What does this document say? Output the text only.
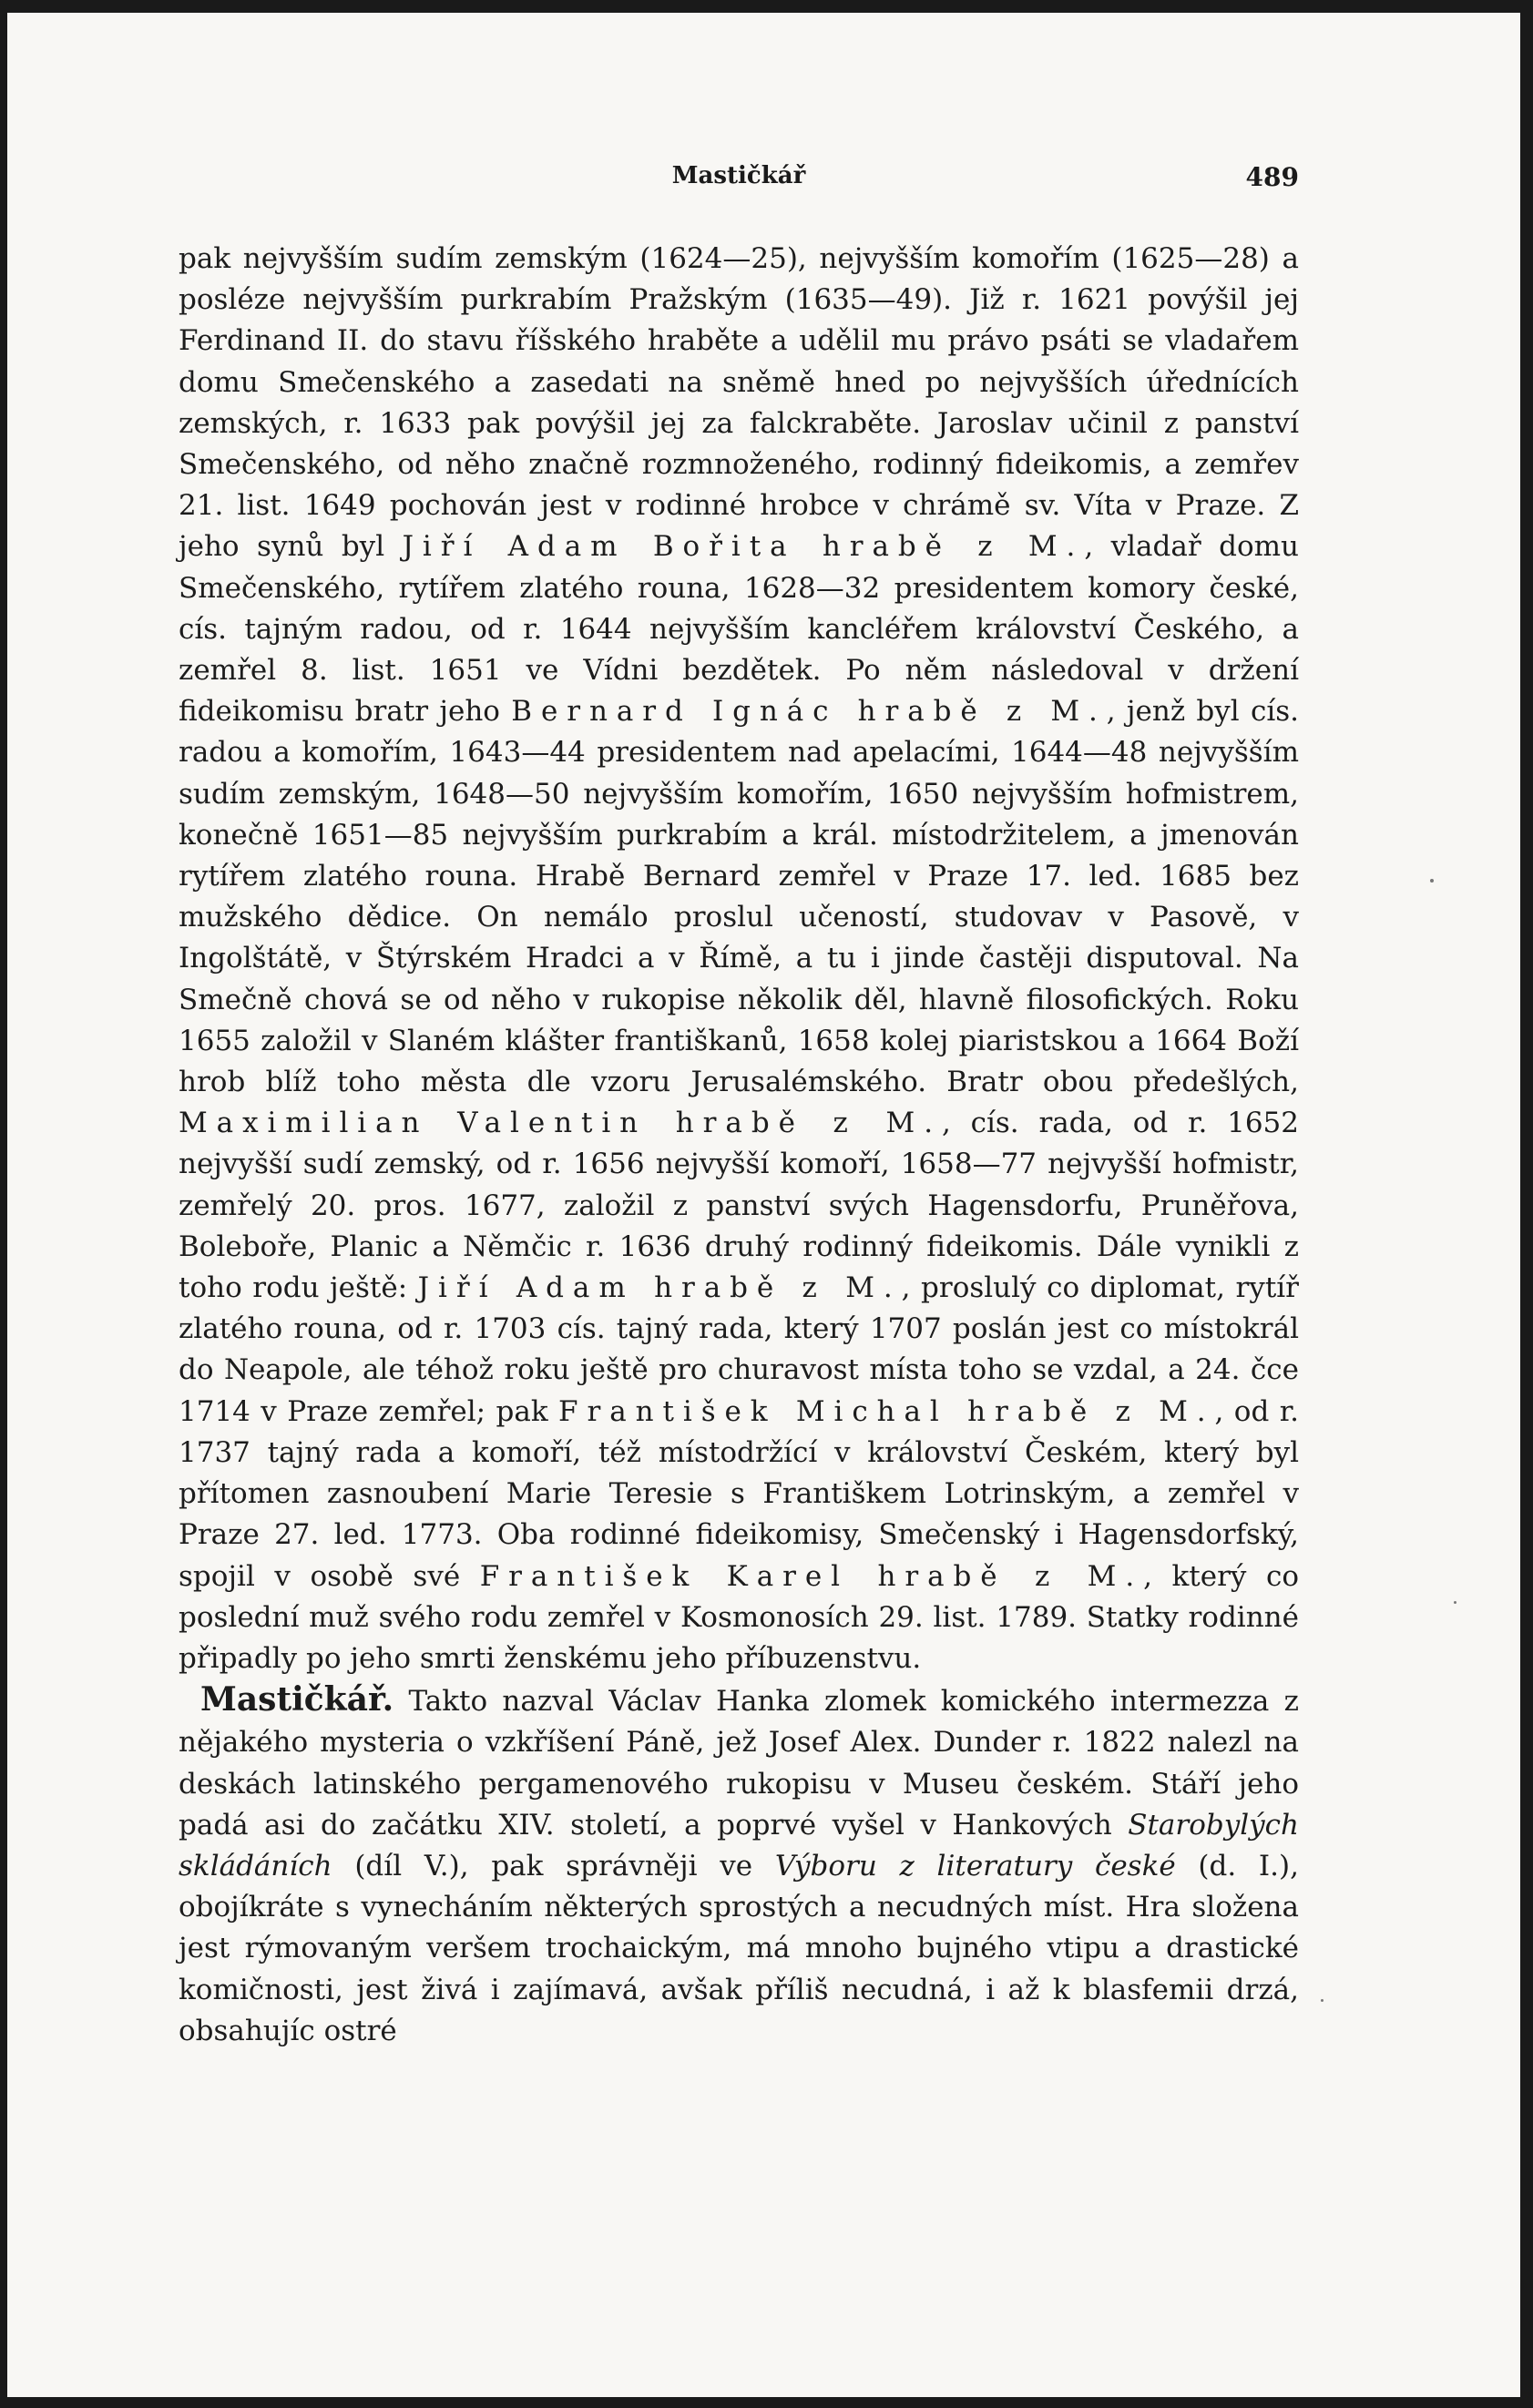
Mastičkář	489

pak nejvyšším sudím zemským (1624—25), nejvyšším komořím (1625—28) a posléze nejvyšším purkrabím Pražským (1635—49). Již r. 1621 povýšil jej Ferdinand II. do stavu říšského hraběte a udělil mu právo psáti se vladařem domu Smečenského a zasedati na sněmě hned po nejvyšších úřednících zemských, r. 1633 pak povýšil jej za falckraběte. Jaroslav učinil z panství Smečenského, od něho značně rozmnoženého, rodinný fideikomis, a zemřev 21. list. 1649 pochován jest v rodinné hrobce v chrámě sv. Víta v Praze. Z jeho synů byl Jiří Adam Bořita hrabě z M., vladař domu Smečenského, rytířem zlatého rouna, 1628—32 presidentem komory české, cís. tajným radou, od r. 1644 nejvyšším kancléřem království Českého, a zemřel 8. list. 1651 ve Vídni bezdětek. Po něm následoval v držení fideikomisu bratr jeho Bernard Ignác hrabě z M., jenž byl cís. radou a komořím, 1643—44 presidentem nad apelacími, 1644—48 nejvyšším sudím zemským, 1648—50 nejvyšším komořím, 1650 nejvyšším hofmistrem, konečně 1651—85 nejvyšším purkrabím a král. místodržitelem, a jmenován rytířem zlatého rouna. Hrabě Bernard zemřel v Praze 17. led. 1685 bez mužského dědice. On nemálo proslul učeností, studovav v Pasově, v Ingolštátě, v Štýrském Hradci a v Římě, a tu i jinde častěji disputoval. Na Smečně chová se od něho v rukopise několik děl, hlavně filosofických. Roku 1655 založil v Slaném klášter františkanů, 1658 kolej piaristskou a 1664 Boží hrob blíž toho města dle vzoru Jerusalémského. Bratr obou předešlých, Maximilian Valentin hrabě z M., cís. rada, od r. 1652 nejvyšší sudí zemský, od r. 1656 nejvyšší komoří, 1658—77 nejvyšší hofmistr, zemřelý 20. pros. 1677, založil z panství svých Hagensdorfu, Pruněřova, Boleboře, Planic a Němčic r. 1636 druhý rodinný fideikomis. Dále vynikli z toho rodu ještě: Jiří Adam hrabě z M., proslulý co diplomat, rytíř zlatého rouna, od r. 1703 cís. tajný rada, který 1707 poslán jest co místokrál do Neapole, ale téhož roku ještě pro churavost místa toho se vzdal, a 24. čce 1714 v Praze zemřel; pak František Michal hrabě z M., od r. 1737 tajný rada a komoří, též místodržící v království Českém, který byl přítomen zasnoubení Marie Teresie s Františkem Lotrinským, a zemřel v Praze 27. led. 1773. Oba rodinné fideikomisy, Smečenský i Hagensdorfský, spojil v osobě své František Karel hrabě z M., který co poslední muž svého rodu zemřel v Kosmonosích 29. list. 1789. Statky rodinné připadly po jeho smrti ženskému jeho příbuzenstvu.

Mastičkář. Takto nazval Václav Hanka zlomek komického intermezza z nějakého mysteria o vzkříšení Páně, jež Josef Alex. Dunder r. 1822 nalezl na deskách latinského pergamenového rukopisu v Museu českém. Stáří jeho padá asi do začátku XIV. století, a poprvé vyšel v Hankových Starobylých skládáních (díl V.), pak správněji ve Výboru z literatury české (d. I.), obojíkráte s vynecháním některých sprostých a necudných míst. Hra složena jest rýmovaným veršem trochaickým, má mnoho bujného vtipu a drastické komičnosti, jest živá i zajímavá, avšak příliš necudná, i až k blasfemii drzá, obsahujíc ostré
